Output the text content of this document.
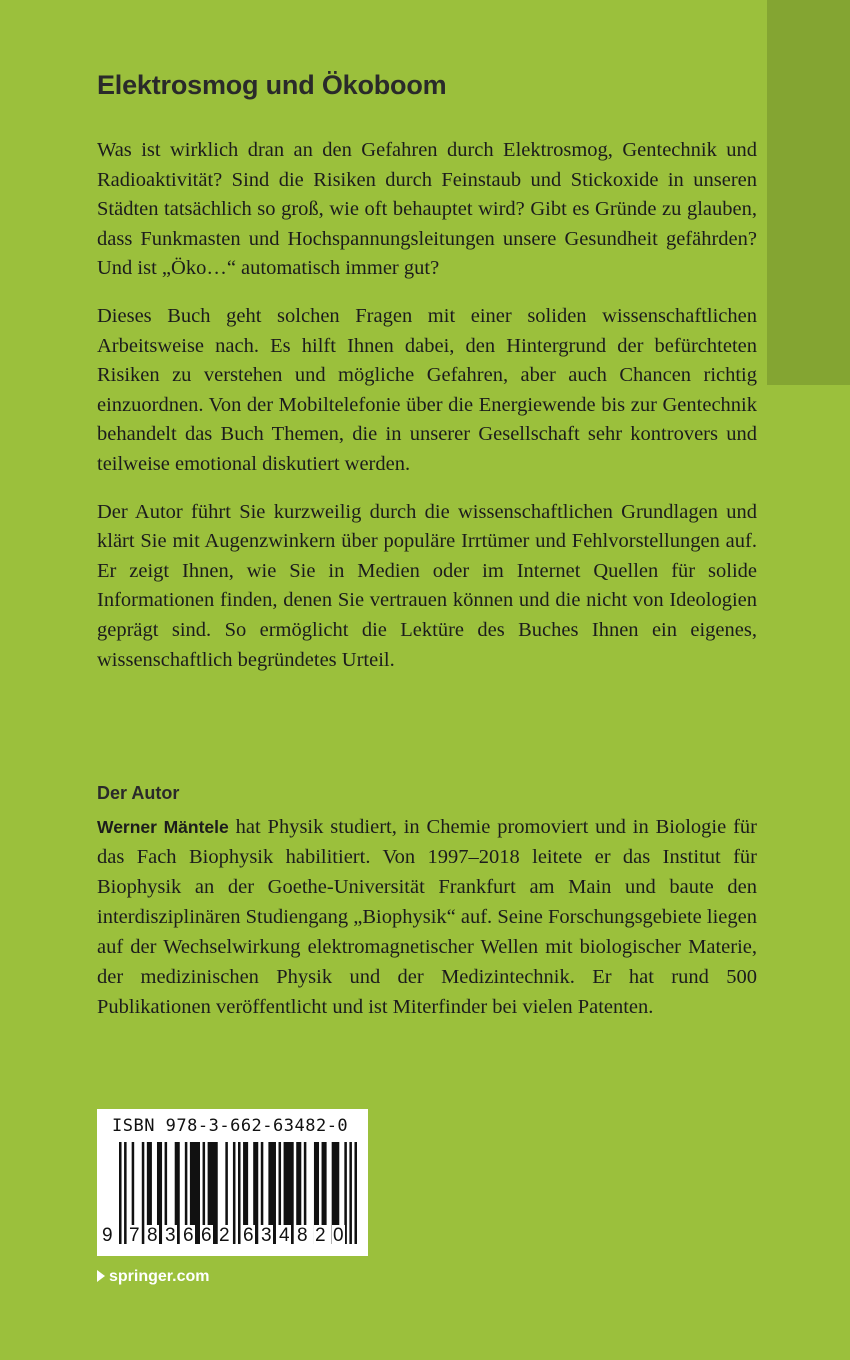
Elektrosmog und Ökoboom

Was ist wirklich dran an den Gefahren durch Elektrosmog, Gentechnik und Radioaktivität? Sind die Risiken durch Feinstaub und Stickoxide in unseren Städten tatsächlich so groß, wie oft behauptet wird? Gibt es Gründe zu glauben, dass Funkmasten und Hochspannungsleitungen unsere Gesundheit gefährden? Und ist „Öko…“ automatisch immer gut?

Dieses Buch geht solchen Fragen mit einer soliden wissenschaftlichen Arbeitsweise nach. Es hilft Ihnen dabei, den Hintergrund der befürchteten Risiken zu verstehen und mögliche Gefahren, aber auch Chancen richtig einzuordnen. Von der Mobiltelefonie über die Energiewende bis zur Gentechnik behandelt das Buch Themen, die in unserer Gesellschaft sehr kontrovers und teilweise emotional diskutiert werden.

Der Autor führt Sie kurzweilig durch die wissenschaftlichen Grundlagen und klärt Sie mit Augenzwinkern über populäre Irrtümer und Fehlvorstellungen auf. Er zeigt Ihnen, wie Sie in Medien oder im Internet Quellen für solide Informationen finden, denen Sie vertrauen können und die nicht von Ideologien geprägt sind. So ermöglicht die Lektüre des Buches Ihnen ein eigenes, wissenschaftlich begründetes Urteil.

Der Autor
Werner Mäntele hat Physik studiert, in Chemie promoviert und in Biologie für das Fach Biophysik habilitiert. Von 1997–2018 leitete er das Institut für Biophysik an der Goethe-Universität Frankfurt am Main und baute den interdisziplinären Studiengang „Biophysik“ auf. Seine Forschungsgebiete liegen auf der Wechselwirkung elektromagnetischer Wellen mit biologischer Materie, der medizinischen Physik und der Medizintechnik. Er hat rund 500 Publikationen veröffentlicht und ist Miterfinder bei vielen Patenten.
ISBN 978-3-662-63482-0
9 7 8 3 6 6 2 6 3 4 8 2 0
springer.com
